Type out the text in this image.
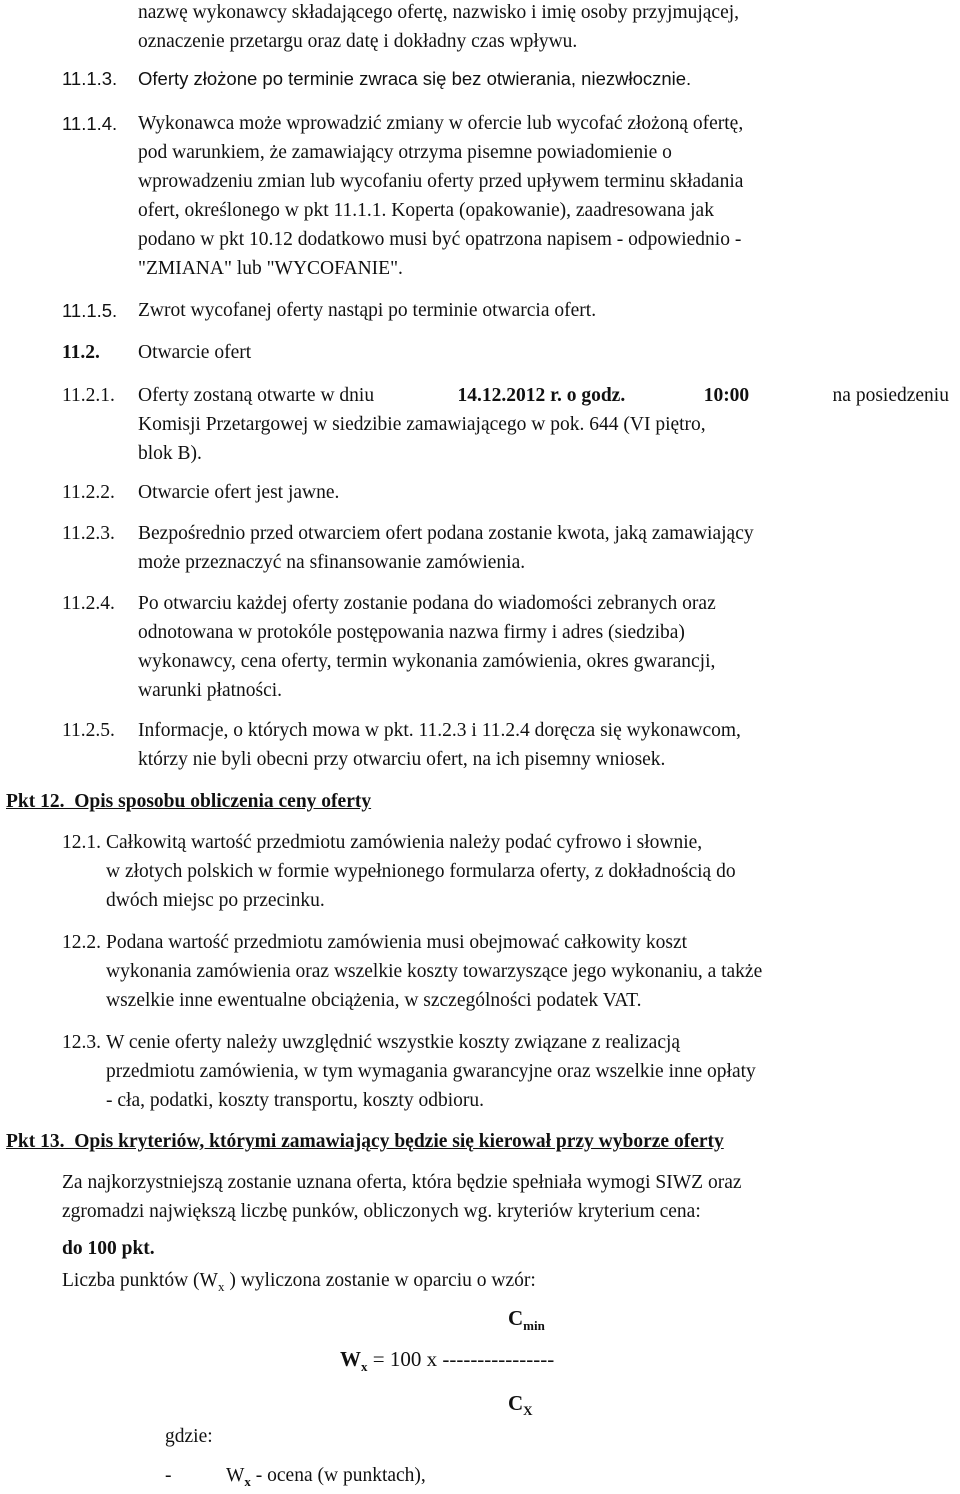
nazwę wykonawcy składającego ofertę, nazwisko i imię osoby przyjmującej,
oznaczenie przetargu oraz datę i dokładny czas wpływu.
11.1.3. Oferty złożone po terminie zwraca się bez otwierania, niezwłocznie.
11.1.4. Wykonawca może wprowadzić zmiany w ofercie lub wycofać złożoną ofertę,
pod warunkiem, że zamawiający otrzyma pisemne powiadomienie o
wprowadzeniu zmian lub wycofaniu oferty przed upływem terminu składania
ofert, określonego w pkt 11.1.1. Koperta (opakowanie), zaadresowana jak
podano w pkt 10.12 dodatkowo musi być opatrzona napisem - odpowiednio -
"ZMIANA" lub "WYCOFANIE".
11.1.5. Zwrot wycofanej oferty nastąpi po terminie otwarcia ofert.
11.2. Otwarcie ofert
11.2.1. Oferty zostaną otwarte w dniu	14.12.2012 r. o godz.	10:00	na posiedzeniu
Komisji Przetargowej w siedzibie zamawiającego w pok. 644 (VI piętro,
blok B).
11.2.2. Otwarcie ofert jest jawne.
11.2.3. Bezpośrednio przed otwarciem ofert podana zostanie kwota, jaką zamawiający
może przeznaczyć na sfinansowanie zamówienia.
11.2.4. Po otwarciu każdej oferty zostanie podana do wiadomości zebranych oraz
odnotowana w protokóle postępowania nazwa firmy i adres (siedziba)
wykonawcy, cena oferty, termin wykonania zamówienia, okres gwarancji,
warunki płatności.
11.2.5. Informacje, o których mowa w pkt. 11.2.3 i 11.2.4 doręcza się wykonawcom,
którzy nie byli obecni przy otwarciu ofert, na ich pisemny wniosek.
Pkt 12.  Opis sposobu obliczenia ceny oferty
12.1. Całkowitą wartość przedmiotu zamówienia należy podać cyfrowo i słownie,
w złotych polskich w formie wypełnionego formularza oferty, z dokładnością do
dwóch miejsc po przecinku.
12.2. Podana wartość przedmiotu zamówienia musi obejmować całkowity koszt
wykonania zamówienia oraz wszelkie koszty towarzyszące jego wykonaniu, a także
wszelkie inne ewentualne obciążenia, w szczególności podatek VAT.
12.3. W cenie oferty należy uwzględnić wszystkie koszty związane z realizacją
przedmiotu zamówienia, w tym wymagania gwarancyjne oraz wszelkie inne opłaty
- cła, podatki, koszty transportu, koszty odbioru.
Pkt 13.  Opis kryteriów, którymi zamawiający będzie się kierował przy wyborze oferty
Za najkorzystniejszą zostanie uznana oferta, która będzie spełniała wymogi SIWZ oraz
zgromadzi największą liczbę punków, obliczonych wg. kryteriów kryterium cena:
do 100 pkt.
Liczba punktów ($W_x$ ) wyliczona zostanie w oparciu o wzór:
$C_{min}$
$W_x = 100$ x ----------------
$C_X$
gdzie:
-	$W_x$ - ocena (w punktach),
